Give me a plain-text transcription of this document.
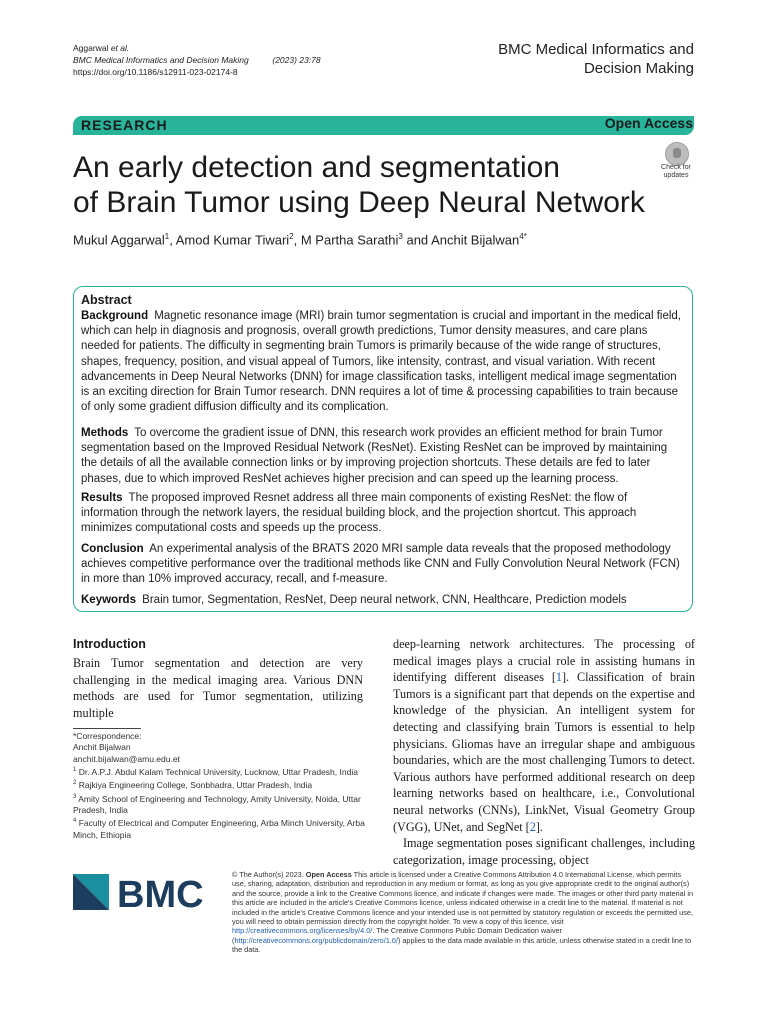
Aggarwal et al.
BMC Medical Informatics and Decision Making	(2023) 23:78
https://doi.org/10.1186/s12911-023-02174-8
BMC Medical Informatics and
Decision Making
RESEARCH	Open Access
An early detection and segmentation
of Brain Tumor using Deep Neural Network
Check for
updates
Mukul Aggarwal$^1$, Amod Kumar Tiwari$^2$, M Partha Sarathi$^3$ and Anchit Bijalwan$^{4*}$
Abstract

Background Magnetic resonance image (MRI) brain tumor segmentation is crucial and important in the medical field, which can help in diagnosis and prognosis, overall growth predictions, Tumor density measures, and care plans needed for patients. The difficulty in segmenting brain Tumors is primarily because of the wide range of structures, shapes, frequency, position, and visual appeal of Tumors, like intensity, contrast, and visual variation. With recent advancements in Deep Neural Networks (DNN) for image classification tasks, intelligent medical image segmentation is an exciting direction for Brain Tumor research. DNN requires a lot of time & processing capabilities to train because of only some gradient diffusion difficulty and its complication.

Methods To overcome the gradient issue of DNN, this research work provides an efficient method for brain Tumor segmentation based on the Improved Residual Network (ResNet). Existing ResNet can be improved by maintaining the details of all the available connection links or by improving projection shortcuts. These details are fed to later phases, due to which improved ResNet achieves higher precision and can speed up the learning process.

Results The proposed improved Resnet address all three main components of existing ResNet: the flow of information through the network layers, the residual building block, and the projection shortcut. This approach minimizes computational costs and speeds up the process.

Conclusion An experimental analysis of the BRATS 2020 MRI sample data reveals that the proposed methodology achieves competitive performance over the traditional methods like CNN and Fully Convolution Neural Network (FCN) in more than 10% improved accuracy, recall, and f-measure.

Keywords Brain tumor, Segmentation, ResNet, Deep neural network, CNN, Healthcare, Prediction models

Introduction

Brain Tumor segmentation and detection are very challenging in the medical imaging area. Various DNN methods are used for Tumor segmentation, utilizing multiple

*Correspondence:
Anchit Bijalwan
anchit.bijalwan@amu.edu.et
$^1$ Dr. A.P.J. Abdul Kalam Technical University, Lucknow, Uttar Pradesh, India
$^2$ Rajkiya Engineering College, Sonbhadra, Uttar Pradesh, India
$^3$ Amity School of Engineering and Technology, Amity University, Noida, Uttar Pradesh, India
$^4$ Faculty of Electrical and Computer Engineering, Arba Minch University, Arba Minch, Ethiopia

deep-learning network architectures. The processing of medical images plays a crucial role in assisting humans in identifying different diseases [1]. Classification of brain Tumors is a significant part that depends on the expertise and knowledge of the physician. An intelligent system for detecting and classifying brain Tumors is essential to help physicians. Gliomas have an irregular shape and ambiguous boundaries, which are the most challenging Tumors to detect. Various authors have performed additional research on deep learning networks based on healthcare, i.e., Convolutional neural networks (CNNs), LinkNet, Visual Geometry Group (VGG), UNet, and SegNet [2].

Image segmentation poses significant challenges, including categorization, image processing, object

BMC	© The Author(s) 2023. Open Access This article is licensed under a Creative Commons Attribution 4.0 International License, which permits use, sharing, adaptation, distribution and reproduction in any medium or format, as long as you give appropriate credit to the original author(s) and the source, provide a link to the Creative Commons licence, and indicate if changes were made. The images or other third party material in this article are included in the article's Creative Commons licence, unless indicated otherwise in a credit line to the material. If material is not included in the article's Creative Commons licence and your intended use is not permitted by statutory regulation or exceeds the permitted use, you will need to obtain permission directly from the copyright holder. To view a copy of this licence, visit http://creativecommons.org/licenses/by/4.0/. The Creative Commons Public Domain Dedication waiver (http://creativecommons.org/publicdomain/zero/1.0/) applies to the data made available in this article, unless otherwise stated in a credit line to the data.
